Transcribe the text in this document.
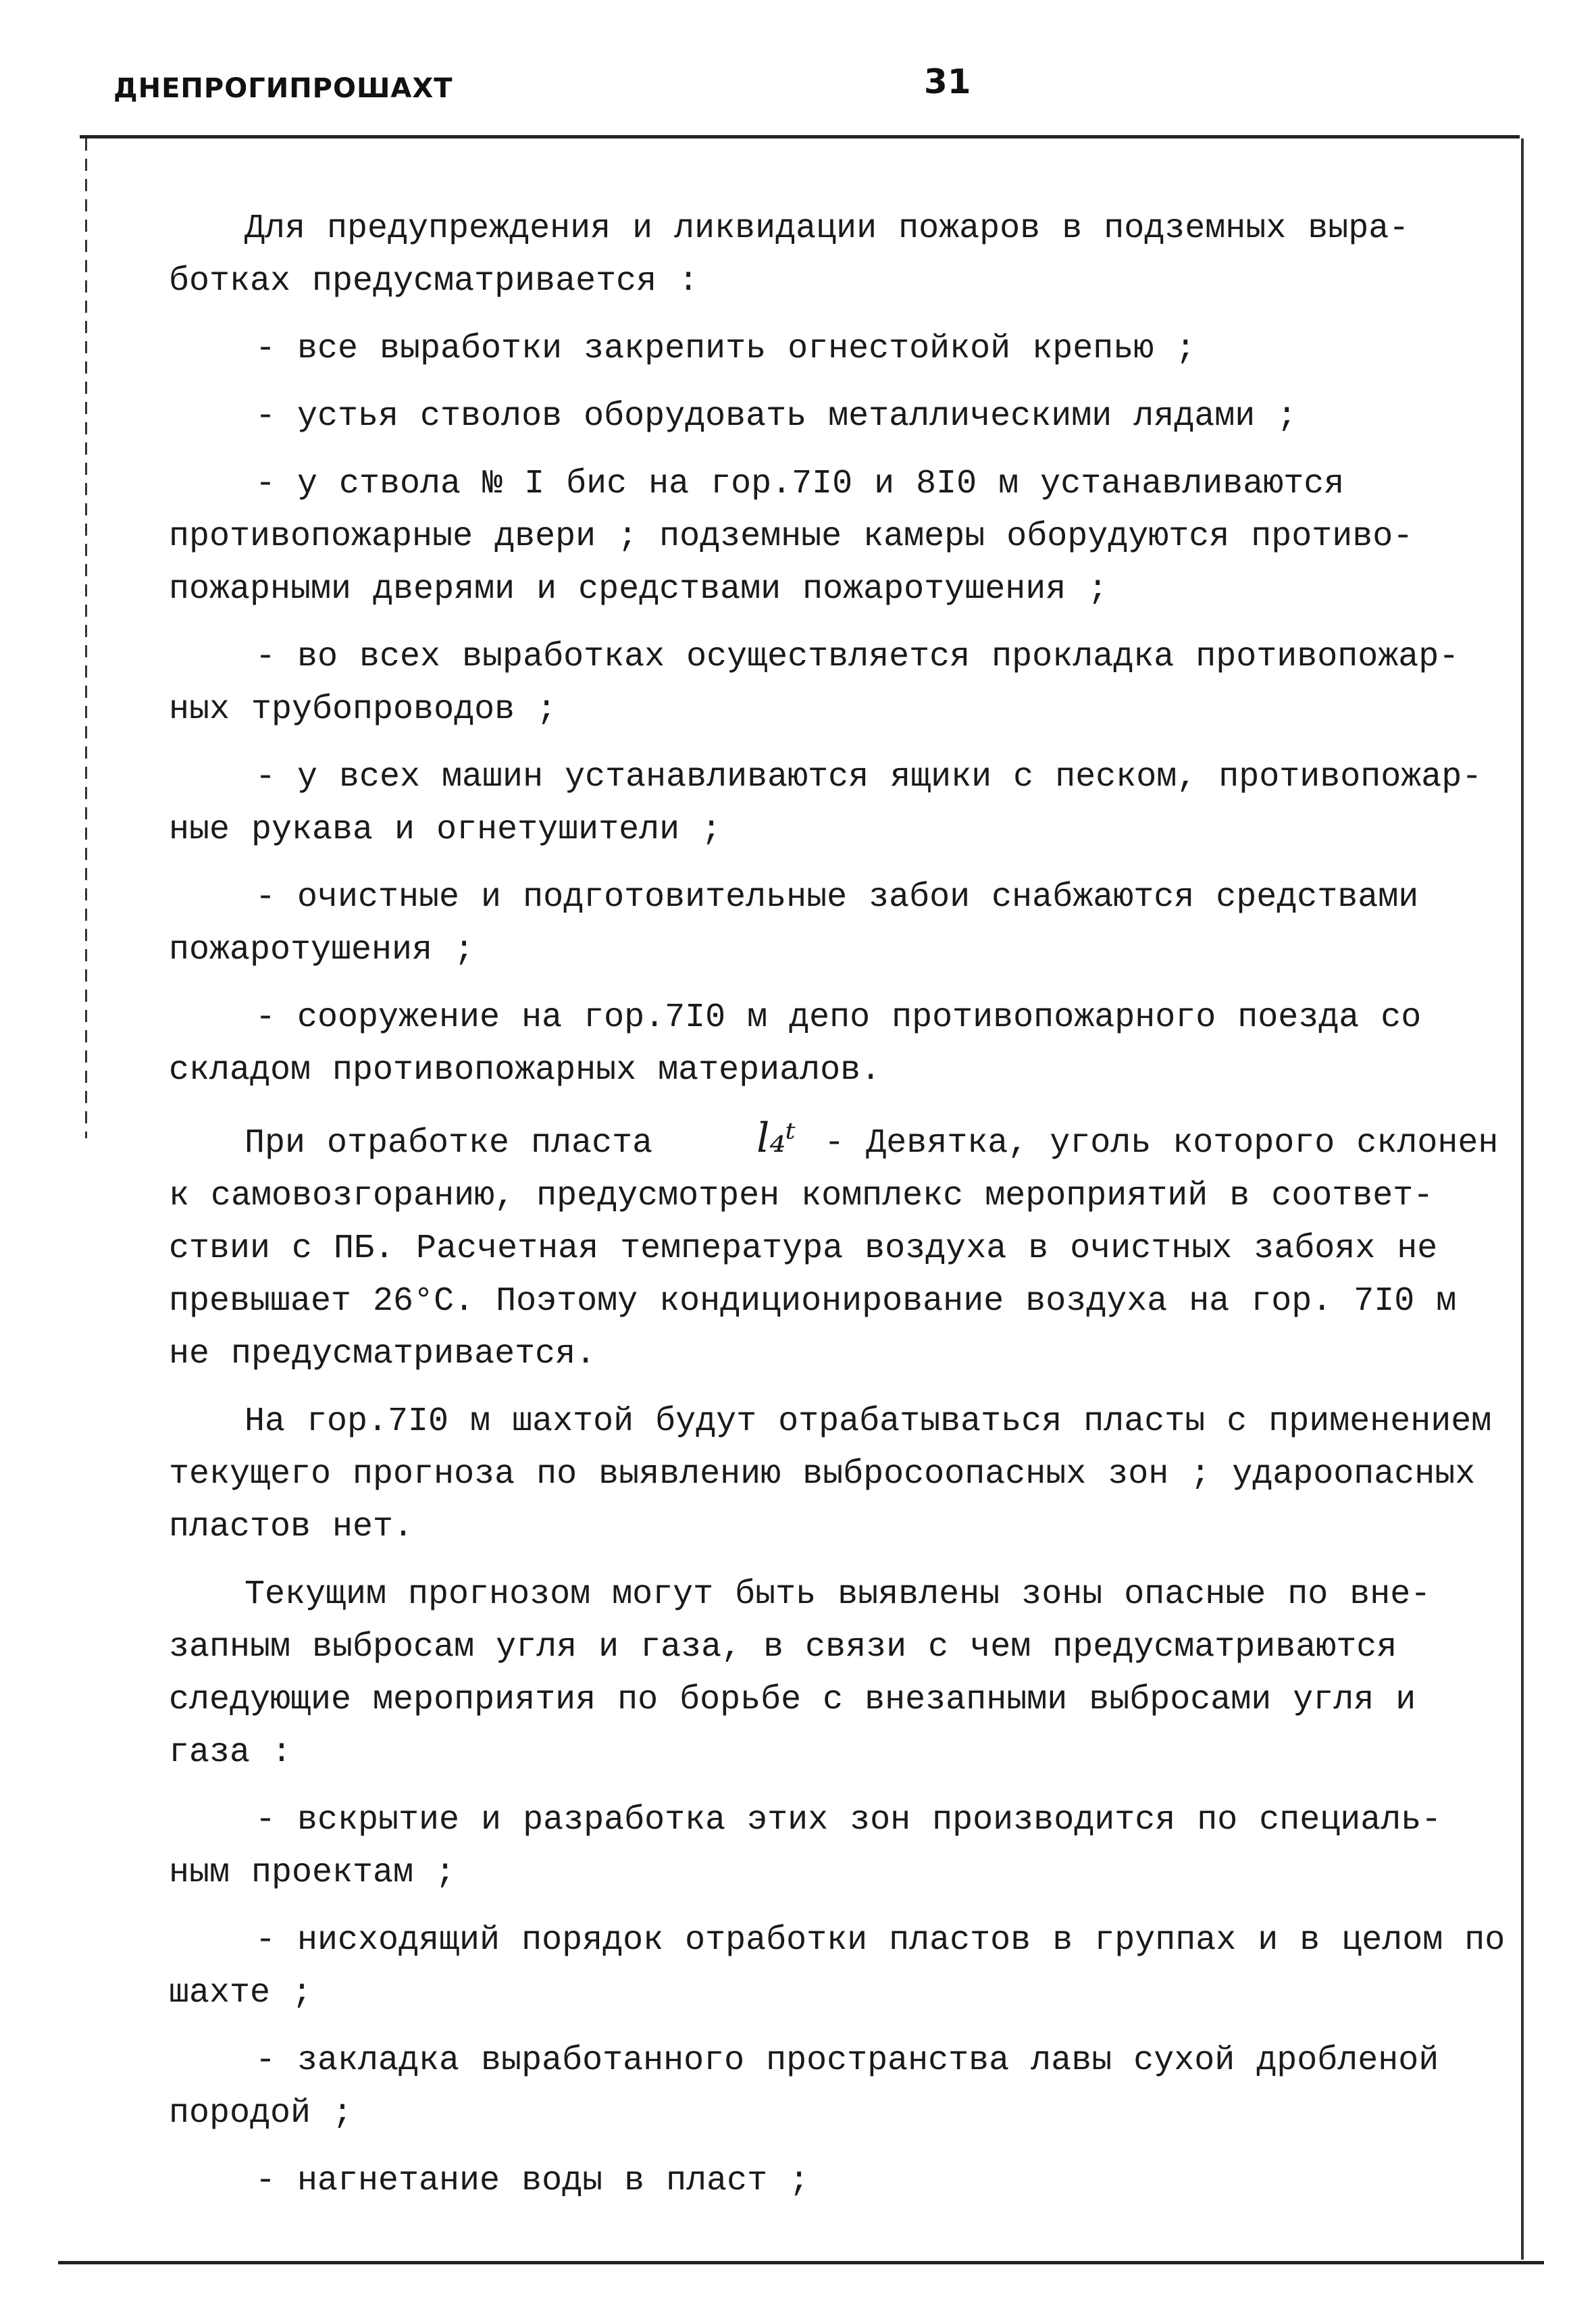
ДНЕПРОГИПРОШАХТ	31

Для предупреждения и ликвидации пожаров в подземных выра- ботках предусматривается :

- все выработки закрепить огнестойкой крепью ;

- устья стволов оборудовать металлическими лядами ;

- у ствола № I бис на гор.7I0 и 8I0 м устанавливаются противопожарные двери ; подземные камеры оборудуются противо- пожарными дверями и средствами пожаротушения ;

- во всех выработках осуществляется прокладка противопожар- ных трубопроводов ;

- у всех машин устанавливаются ящики с песком, противопожар- ные рукава и огнетушители ;

- очистные и подготовительные забои снабжаются средствами пожаротушения ;

- сооружение на гор.7I0 м депо противопожарного поезда со складом противопожарных материалов.

При отработке пласта	l₄ᵗ - Девятка, уголь которого склонен к самовозгоранию, предусмотрен комплекс мероприятий в соответ- ствии с ПБ. Расчетная температура воздуха в очистных забоях не превышает 26°С. Поэтому кондиционирование воздуха на гор. 7I0 м не предусматривается.

На гор.7I0 м шахтой будут отрабатываться пласты с применением текущего прогноза по выявлению выбросоопасных зон ; удароопасных пластов нет.

Текущим прогнозом могут быть выявлены зоны опасные по вне- запным выбросам угля и газа, в связи с чем предусматриваются следующие мероприятия по борьбе с внезапными выбросами угля и газа :

- вскрытие и разработка этих зон производится по специаль- ным проектам ;

- нисходящий порядок отработки пластов в группах и в целом по шахте ;

- закладка выработанного пространства лавы сухой дробленой породой ;

- нагнетание воды в пласт ;
